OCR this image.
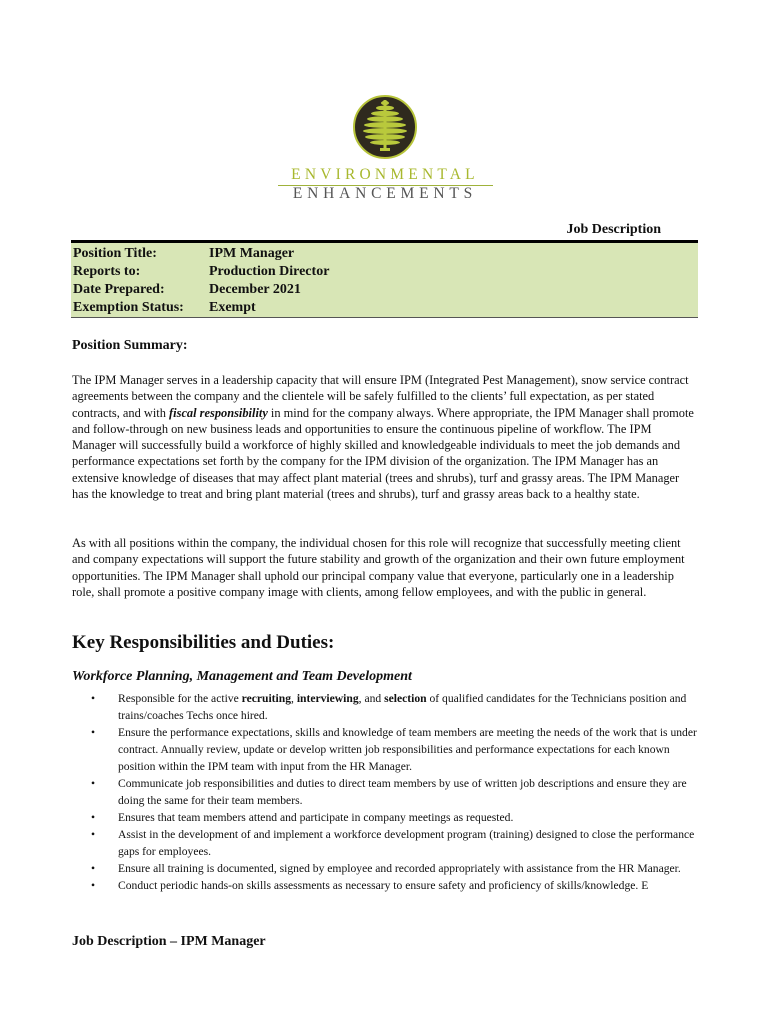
ENVIRONMENTAL
ENHANCEMENTS
Job Description
Position Title:	IPM Manager
Reports to:	Production Director
Date Prepared:	December 2021
Exemption Status:	Exempt
Position Summary:
The IPM Manager serves in a leadership capacity that will ensure IPM (Integrated Pest Management), snow service contract agreements between the company and the clientele will be safely fulfilled to the clients’ full expectation, as per stated contracts, and with fiscal responsibility in mind for the company always. Where appropriate, the IPM Manager shall promote and follow-through on new business leads and opportunities to ensure the continuous pipeline of workflow. The IPM Manager will successfully build a workforce of highly skilled and knowledgeable individuals to meet the job demands and performance expectations set forth by the company for the IPM division of the organization. The IPM Manager has an extensive knowledge of diseases that may affect plant material (trees and shrubs), turf and grassy areas. The IPM Manager has the knowledge to treat and bring plant material (trees and shrubs), turf and grassy areas back to a healthy state.
As with all positions within the company, the individual chosen for this role will recognize that successfully meeting client and company expectations will support the future stability and growth of the organization and their own future employment opportunities. The IPM Manager shall uphold our principal company value that everyone, particularly one in a leadership role, shall promote a positive company image with clients, among fellow employees, and with the public in general.
Key Responsibilities and Duties:
Workforce Planning, Management and Team Development
• Responsible for the active recruiting, interviewing, and selection of qualified candidates for the Technicians position and trains/coaches Techs once hired.
• Ensure the performance expectations, skills and knowledge of team members are meeting the needs of the work that is under contract. Annually review, update or develop written job responsibilities and performance expectations for each known position within the IPM team with input from the HR Manager.
• Communicate job responsibilities and duties to direct team members by use of written job descriptions and ensure they are doing the same for their team members.
• Ensures that team members attend and participate in company meetings as requested.
• Assist in the development of and implement a workforce development program (training) designed to close the performance gaps for employees.
• Ensure all training is documented, signed by employee and recorded appropriately with assistance from the HR Manager.
• Conduct periodic hands-on skills assessments as necessary to ensure safety and proficiency of skills/knowledge. E
Job Description – IPM Manager
